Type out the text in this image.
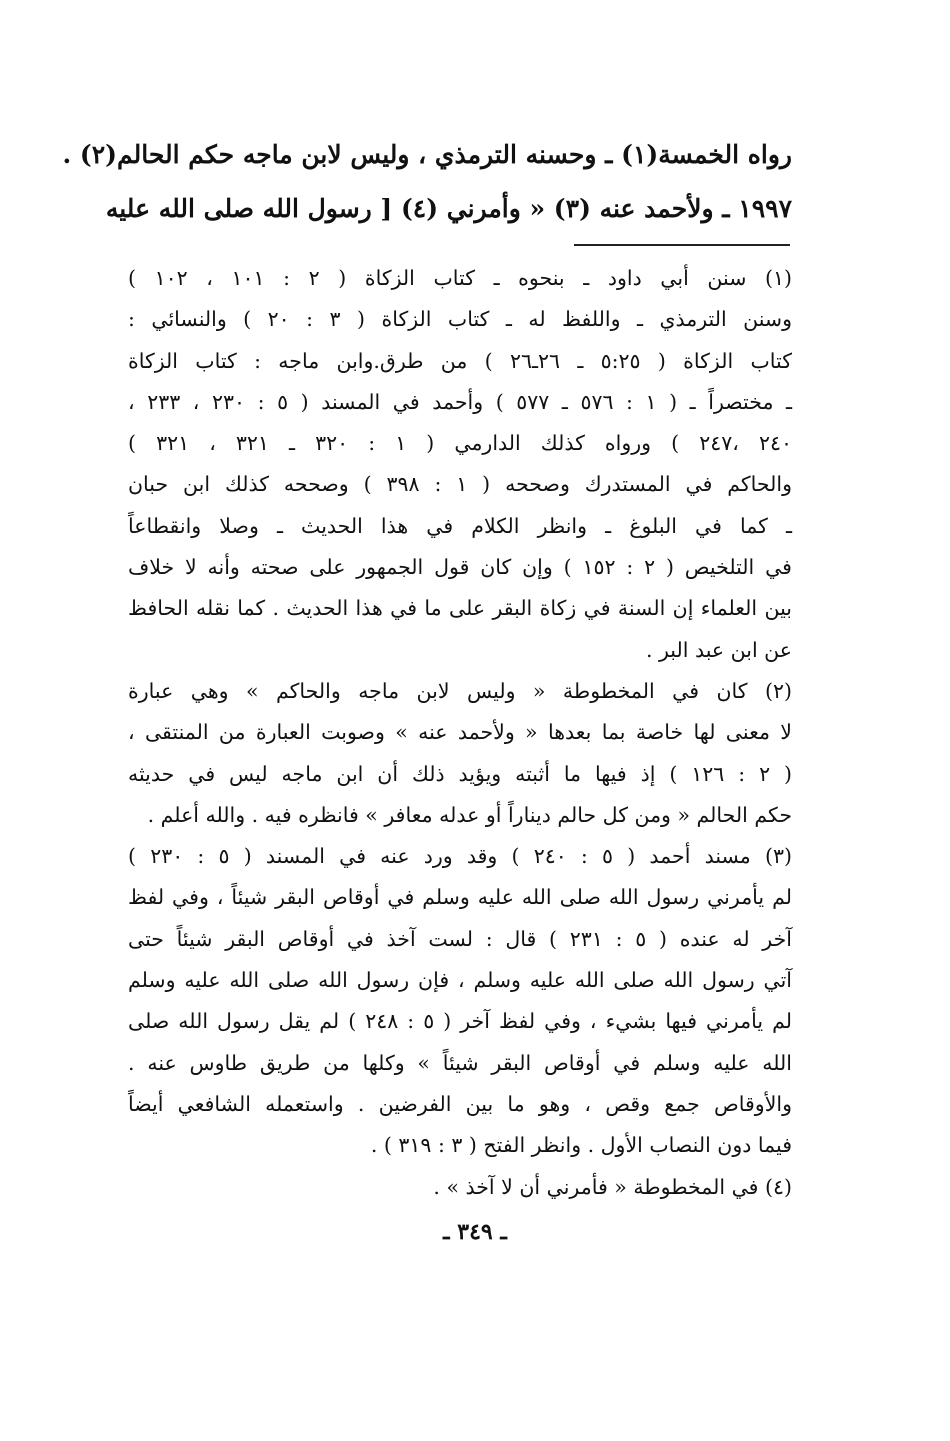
رواه الخمسة(١) ـ وحسنه الترمذي ، وليس لابن ماجه حكم الحالم(٢) .

١٩٩٧ ـ ولأحمد عنه (٣) « وأمرني (٤) [ رسول الله صلى الله عليه

(١) سنن أبي داود ـ بنحوه ـ كتاب الزكاة ( ٢ : ١٠١ ، ١٠٢ )
وسنن الترمذي ـ واللفظ له ـ كتاب الزكاة ( ٣ : ٢٠ ) والنسائي :
كتاب الزكاة ( ٥:٢٥ ـ ٢٦ـ٢٦ ) من طرق.وابن ماجه : كتاب الزكاة
ـ مختصراً ـ ( ١ : ٥٧٦ ـ ٥٧٧ ) وأحمد في المسند ( ٥ : ٢٣٠ ، ٢٣٣ ،
٢٤٠ ،٢٤٧ ) ورواه كذلك الدارمي ( ١ : ٣٢٠ ـ ٣٢١ ، ٣٢١ )
والحاكم في المستدرك وصححه ( ١ : ٣٩٨ ) وصححه كذلك ابن حبان
ـ كما في البلوغ ـ وانظر الكلام في هذا الحديث ـ وصلا وانقطاعاً
في التلخيص ( ٢ : ١٥٢ ) وإن كان قول الجمهور على صحته وأنه لا خلاف
بين العلماء إن السنة في زكاة البقر على ما في هذا الحديث . كما نقله الحافظ
عن ابن عبد البر .
(٢) كان في المخطوطة « وليس لابن ماجه والحاكم » وهي عبارة
لا معنى لها خاصة بما بعدها « ولأحمد عنه » وصوبت العبارة من المنتقى ،
( ٢ : ١٢٦ ) إذ فيها ما أثبته ويؤيد ذلك أن ابن ماجه ليس في حديثه
حكم الحالم « ومن كل حالم ديناراً أو عدله معافر » فانظره فيه . والله أعلم .
(٣) مسند أحمد ( ٥ : ٢٤٠ ) وقد ورد عنه في المسند ( ٥ : ٢٣٠ )
لم يأمرني رسول الله صلى الله عليه وسلم في أوقاص البقر شيئاً ، وفي لفظ
آخر له عنده ( ٥ : ٢٣١ ) قال : لست آخذ في أوقاص البقر شيئاً حتى
آتي رسول الله صلى الله عليه وسلم ، فإن رسول الله صلى الله عليه وسلم
لم يأمرني فيها بشيء ، وفي لفظ آخر ( ٥ : ٢٤٨ ) لم يقل رسول الله صلى
الله عليه وسلم في أوقاص البقر شيئاً » وكلها من طريق طاوس عنه .
والأوقاص جمع وقص ، وهو ما بين الفرضين . واستعمله الشافعي أيضاً
فيما دون النصاب الأول . وانظر الفتح ( ٣ : ٣١٩ ) .
(٤) في المخطوطة « فأمرني أن لا آخذ » .
ـ ٣٤٩ ـ
